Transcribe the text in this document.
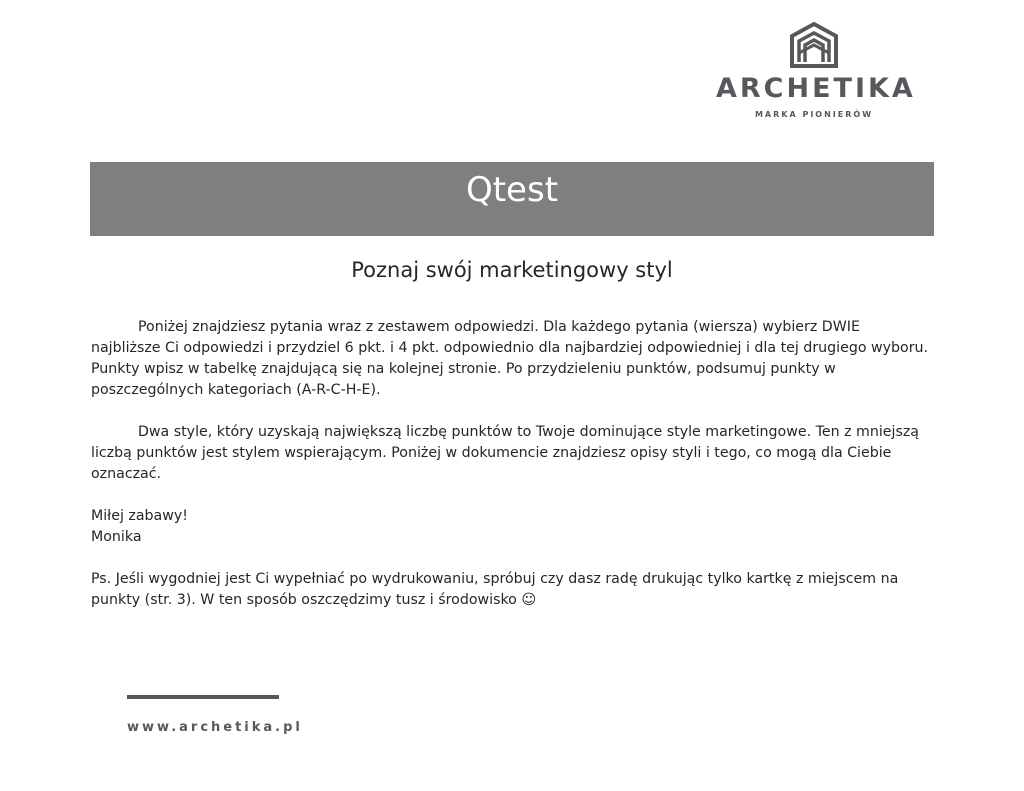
ARCHETIKA
MARKA PIONIERÓW
Qtest
Poznaj swój marketingowy styl

Poniżej znajdziesz pytania wraz z zestawem odpowiedzi. Dla każdego pytania (wiersza) wybierz DWIE najbliższe Ci odpowiedzi i przydziel 6 pkt. i 4 pkt. odpowiednio dla najbardziej odpowiedniej i dla tej drugiego wyboru. Punkty wpisz w tabelkę znajdującą się na kolejnej stronie. Po przydzieleniu punktów, podsumuj punkty w poszczególnych kategoriach (A-R-C-H-E).

Dwa style, który uzyskają największą liczbę punktów to Twoje dominujące style marketingowe. Ten z mniejszą liczbą punktów jest stylem wspierającym. Poniżej w dokumencie znajdziesz opisy styli i tego, co mogą dla Ciebie oznaczać.

Miłej zabawy!

Monika

Ps. Jeśli wygodniej jest Ci wypełniać po wydrukowaniu, spróbuj czy dasz radę drukując tylko kartkę z miejscem na punkty (str. 3). W ten sposób oszczędzimy tusz i środowisko ☺

www.archetika.pl
